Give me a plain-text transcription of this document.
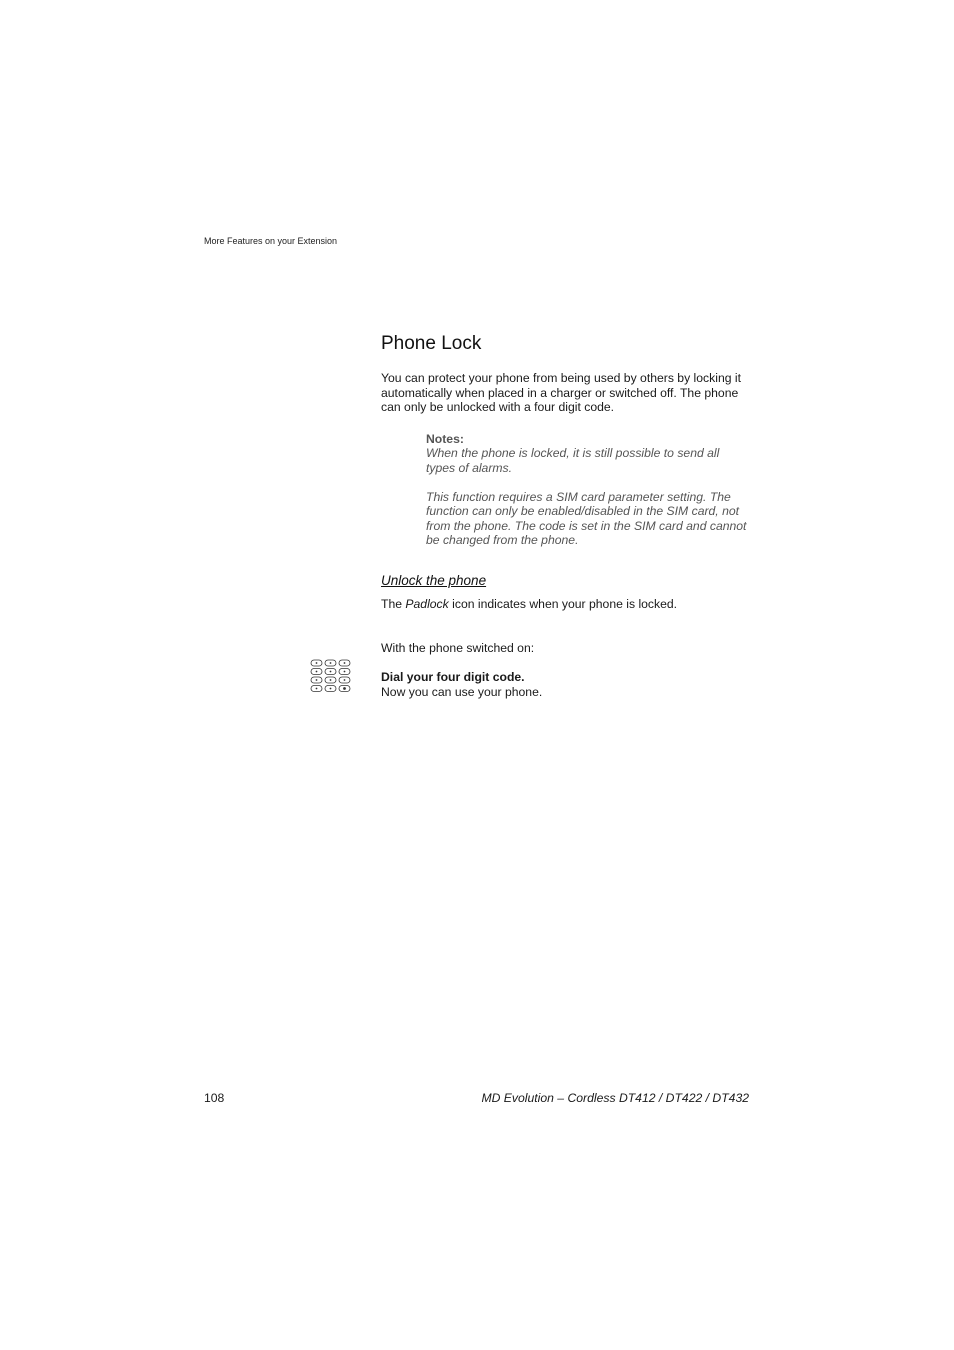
More Features on your Extension
Phone Lock

You can protect your phone from being used by others by locking it automatically when placed in a charger or switched off. The phone can only be unlocked with a four digit code.

Notes:

When the phone is locked, it is still possible to send all types of alarms.

This function requires a SIM card parameter setting. The function can only be enabled/disabled in the SIM card, not from the phone. The code is set in the SIM card and cannot be changed from the phone.

Unlock the phone
The Padlock icon indicates when your phone is locked.
With the phone switched on:
Dial your four digit code.
Now you can use your phone.
108	MD Evolution – Cordless DT412 / DT422 / DT432
